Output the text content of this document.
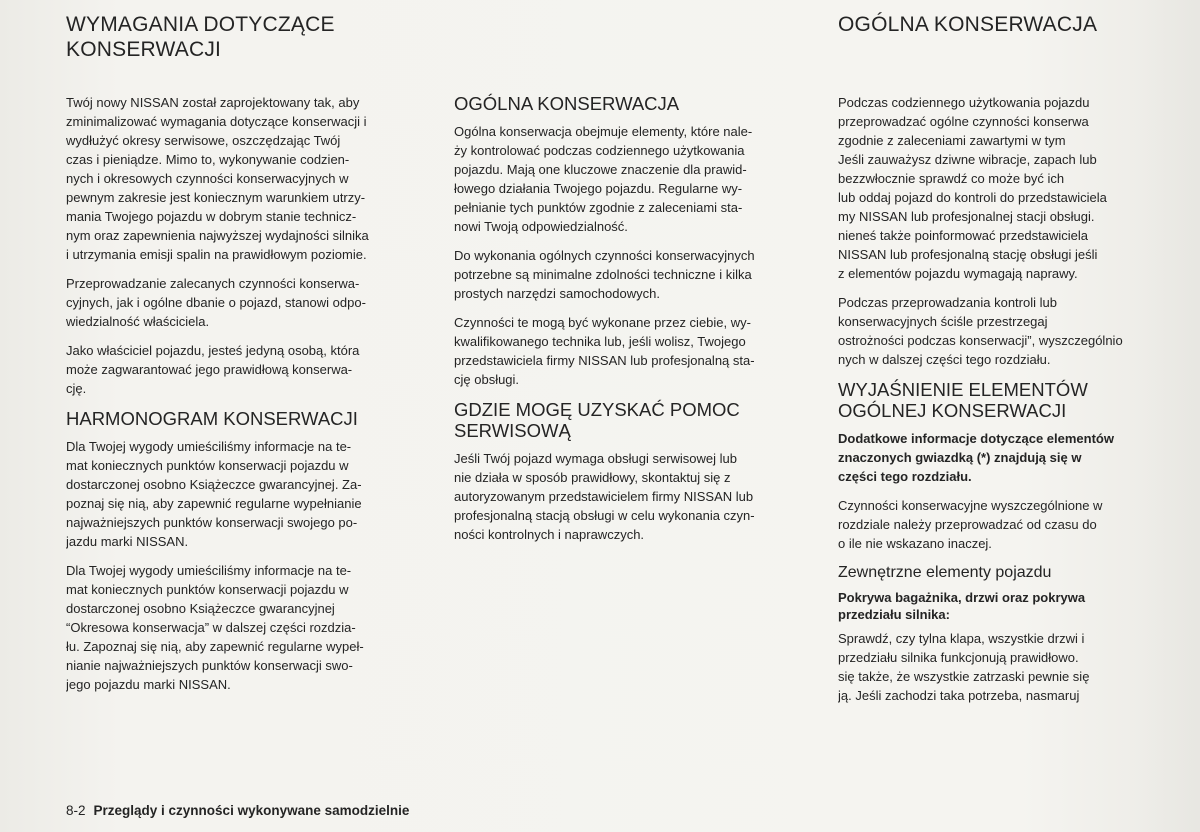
WYMAGANIA DOTYCZĄCE
KONSERWACJI
OGÓLNA KONSERWACJA

Twój nowy NISSAN został zaprojektowany tak, aby
zminimalizować wymagania dotyczące konserwacji i
wydłużyć okresy serwisowe, oszczędzając Twój
czas i pieniądze. Mimo to, wykonywanie codzien-
nych i okresowych czynności konserwacyjnych w
pewnym zakresie jest koniecznym warunkiem utrzy-
mania Twojego pojazdu w dobrym stanie technicz-
nym oraz zapewnienia najwyższej wydajności silnika
i utrzymania emisji spalin na prawidłowym poziomie.

Przeprowadzanie zalecanych czynności konserwa-
cyjnych, jak i ogólne dbanie o pojazd, stanowi odpo-
wiedzialność właściciela.

Jako właściciel pojazdu, jesteś jedyną osobą, która
może zagwarantować jego prawidłową konserwa-
cję.

HARMONOGRAM KONSERWACJI

Dla Twojej wygody umieściliśmy informacje na te-
mat koniecznych punktów konserwacji pojazdu w
dostarczonej osobno Książeczce gwarancyjnej. Za-
poznaj się nią, aby zapewnić regularne wypełnianie
najważniejszych punktów konserwacji swojego po-
jazdu marki NISSAN.

Dla Twojej wygody umieściliśmy informacje na te-
mat koniecznych punktów konserwacji pojazdu w
dostarczonej osobno Książeczce gwarancyjnej
“Okresowa konserwacja” w dalszej części rozdzia-
łu. Zapoznaj się nią, aby zapewnić regularne wypeł-
nianie najważniejszych punktów konserwacji swo-
jego pojazdu marki NISSAN.

OGÓLNA KONSERWACJA

Ogólna konserwacja obejmuje elementy, które nale-
ży kontrolować podczas codziennego użytkowania
pojazdu. Mają one kluczowe znaczenie dla prawid-
łowego działania Twojego pojazdu. Regularne wy-
pełnianie tych punktów zgodnie z zaleceniami sta-
nowi Twoją odpowiedzialność.

Do wykonania ogólnych czynności konserwacyjnych
potrzebne są minimalne zdolności techniczne i kilka
prostych narzędzi samochodowych.

Czynności te mogą być wykonane przez ciebie, wy-
kwalifikowanego technika lub, jeśli wolisz, Twojego
przedstawiciela firmy NISSAN lub profesjonalną sta-
cję obsługi.

GDZIE MOGĘ UZYSKAĆ POMOC
SERWISOWĄ

Jeśli Twój pojazd wymaga obsługi serwisowej lub
nie działa w sposób prawidłowy, skontaktuj się z
autoryzowanym przedstawicielem firmy NISSAN lub
profesjonalną stacją obsługi w celu wykonania czyn-
ności kontrolnych i naprawczych.

Podczas codziennego użytkowania pojazdu
przeprowadzać ogólne czynności konserwa
zgodnie z zaleceniami zawartymi w tym
Jeśli zauważysz dziwne wibracje, zapach lub
bezzwłocznie sprawdź co może być ich
lub oddaj pojazd do kontroli do przedstawiciela
my NISSAN lub profesjonalnej stacji obsługi.
nieneś także poinformować przedstawiciela
NISSAN lub profesjonalną stację obsługi jeśli
z elementów pojazdu wymagają naprawy.

Podczas przeprowadzania kontroli lub
konserwacyjnych ściśle przestrzegaj
ostrożności podczas konserwacji”, wyszczególnio
nych w dalszej części tego rozdziału.

WYJAŚNIENIE ELEMENTÓW
OGÓLNEJ KONSERWACJI

Dodatkowe informacje dotyczące elementów
znaczonych gwiazdką (*) znajdują się w
części tego rozdziału.

Czynności konserwacyjne wyszczególnione w
rozdziale należy przeprowadzać od czasu do
o ile nie wskazano inaczej.

Zewnętrzne elementy pojazdu

Pokrywa bagażnika, drzwi oraz pokrywa
przedziału silnika:

Sprawdź, czy tylna klapa, wszystkie drzwi i
przedziału silnika funkcjonują prawidłowo.
się także, że wszystkie zatrzaski pewnie się
ją. Jeśli zachodzi taka potrzeba, nasmaruj

8-2 Przeglądy i czynności wykonywane samodzielnie
